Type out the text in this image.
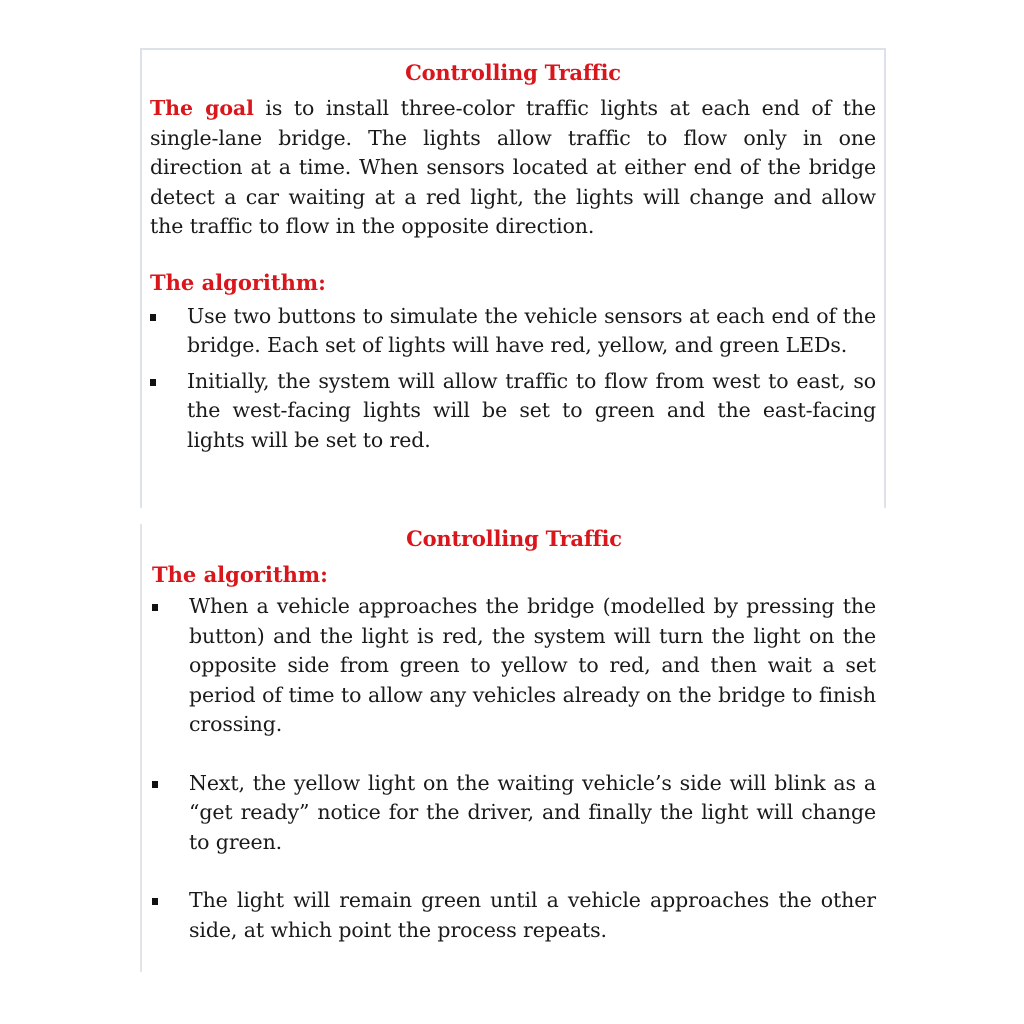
Controlling Traffic

The goal is to install three-color traffic lights at each end of the single-lane bridge. The lights allow traffic to flow only in one direction at a time. When sensors located at either end of the bridge detect a car waiting at a red light, the lights will change and allow the traffic to flow in the opposite direction.

The algorithm:
Use two buttons to simulate the vehicle sensors at each end of the bridge. Each set of lights will have red, yellow, and green LEDs.
Initially, the system will allow traffic to flow from west to east, so the west-facing lights will be set to green and the east-facing lights will be set to red.
Controlling Traffic
The algorithm:
When a vehicle approaches the bridge (modelled by pressing the button) and the light is red, the system will turn the light on the opposite side from green to yellow to red, and then wait a set period of time to allow any vehicles already on the bridge to finish crossing.
Next, the yellow light on the waiting vehicle’s side will blink as a “get ready” notice for the driver, and finally the light will change to green.
The light will remain green until a vehicle approaches the other side, at which point the process repeats.
